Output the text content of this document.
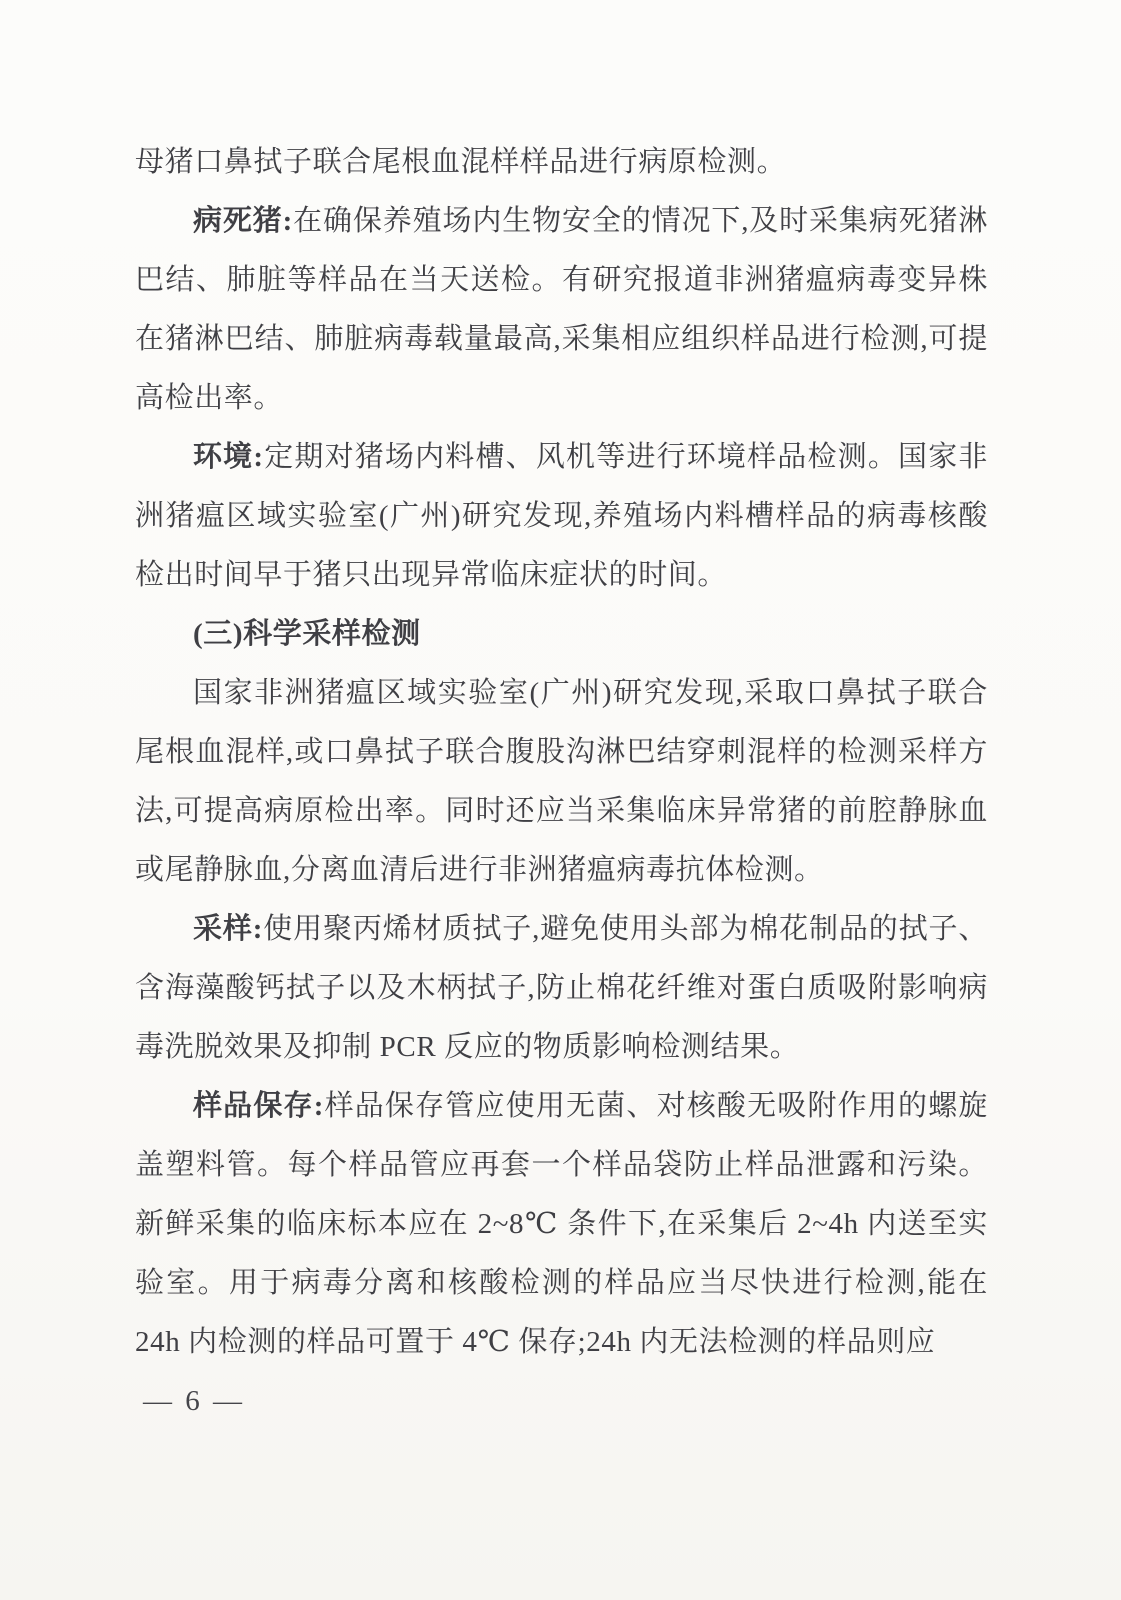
母猪口鼻拭子联合尾根血混样样品进行病原检测。

病死猪:在确保养殖场内生物安全的情况下,及时采集病死猪淋巴结、肺脏等样品在当天送检。有研究报道非洲猪瘟病毒变异株在猪淋巴结、肺脏病毒载量最高,采集相应组织样品进行检测,可提高检出率。

环境:定期对猪场内料槽、风机等进行环境样品检测。国家非洲猪瘟区域实验室(广州)研究发现,养殖场内料槽样品的病毒核酸检出时间早于猪只出现异常临床症状的时间。

(三)科学采样检测

国家非洲猪瘟区域实验室(广州)研究发现,采取口鼻拭子联合尾根血混样,或口鼻拭子联合腹股沟淋巴结穿刺混样的检测采样方法,可提高病原检出率。同时还应当采集临床异常猪的前腔静脉血或尾静脉血,分离血清后进行非洲猪瘟病毒抗体检测。

采样:使用聚丙烯材质拭子,避免使用头部为棉花制品的拭子、含海藻酸钙拭子以及木柄拭子,防止棉花纤维对蛋白质吸附影响病毒洗脱效果及抑制 PCR 反应的物质影响检测结果。

样品保存:样品保存管应使用无菌、对核酸无吸附作用的螺旋盖塑料管。每个样品管应再套一个样品袋防止样品泄露和污染。新鲜采集的临床标本应在 2~8℃ 条件下,在采集后 2~4h 内送至实验室。用于病毒分离和核酸检测的样品应当尽快进行检测,能在 24h 内检测的样品可置于 4℃ 保存;24h 内无法检测的样品则应

— 6 —
